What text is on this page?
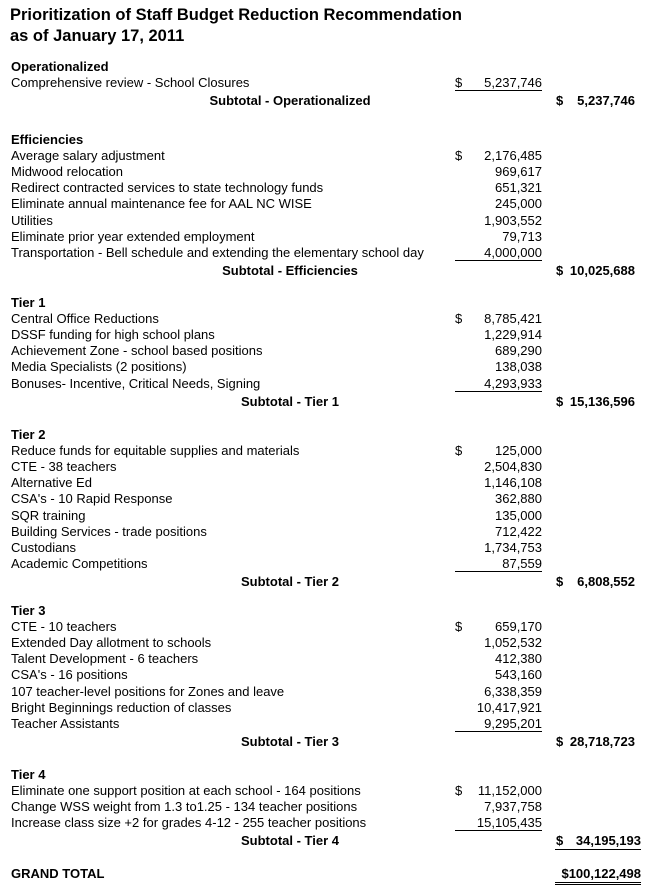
Prioritization of Staff Budget Reduction Recommendation
as of January 17, 2011
Operationalized
Comprehensive review - School Closures	$ 5,237,746
Subtotal - Operationalized	$ 5,237,746
Efficiencies
Average salary adjustment	$ 2,176,485
Midwood relocation	969,617
Redirect contracted services to state technology funds	651,321
Eliminate annual maintenance fee for AAL NC WISE	245,000
Utilities	1,903,552
Eliminate prior year extended employment	79,713
Transportation - Bell schedule and extending the elementary school day	4,000,000
Subtotal - Efficiencies	$ 10,025,688
Tier 1
Central Office Reductions	$ 8,785,421
DSSF funding for high school plans	1,229,914
Achievement Zone - school based positions	689,290
Media Specialists (2 positions)	138,038
Bonuses- Incentive, Critical Needs, Signing	4,293,933
Subtotal - Tier 1	$ 15,136,596
Tier 2
Reduce funds for equitable supplies and materials	$	125,000
CTE - 38 teachers	2,504,830
Alternative Ed	1,146,108
CSA's - 10 Rapid Response	362,880
SQR training	135,000
Building Services - trade positions	712,422
Custodians	1,734,753
Academic Competitions	87,559
Subtotal - Tier 2	$ 6,808,552
Tier 3
CTE - 10 teachers	$	659,170
Extended Day allotment to schools	1,052,532
Talent Development - 6 teachers	412,380
CSA's - 16 positions	543,160
107 teacher-level positions for Zones and leave	6,338,359
Bright Beginnings reduction of classes	10,417,921
Teacher Assistants	9,295,201
Subtotal - Tier 3	$ 28,718,723
Tier 4
Eliminate one support position at each school - 164 positions	$ 11,152,000
Change WSS weight from 1.3 to1.25 - 134 teacher positions	7,937,758
Increase class size +2 for grades 4-12 - 255 teacher positions	15,105,435
Subtotal - Tier 4	$ 34,195,193
GRAND TOTAL	$100,122,498
